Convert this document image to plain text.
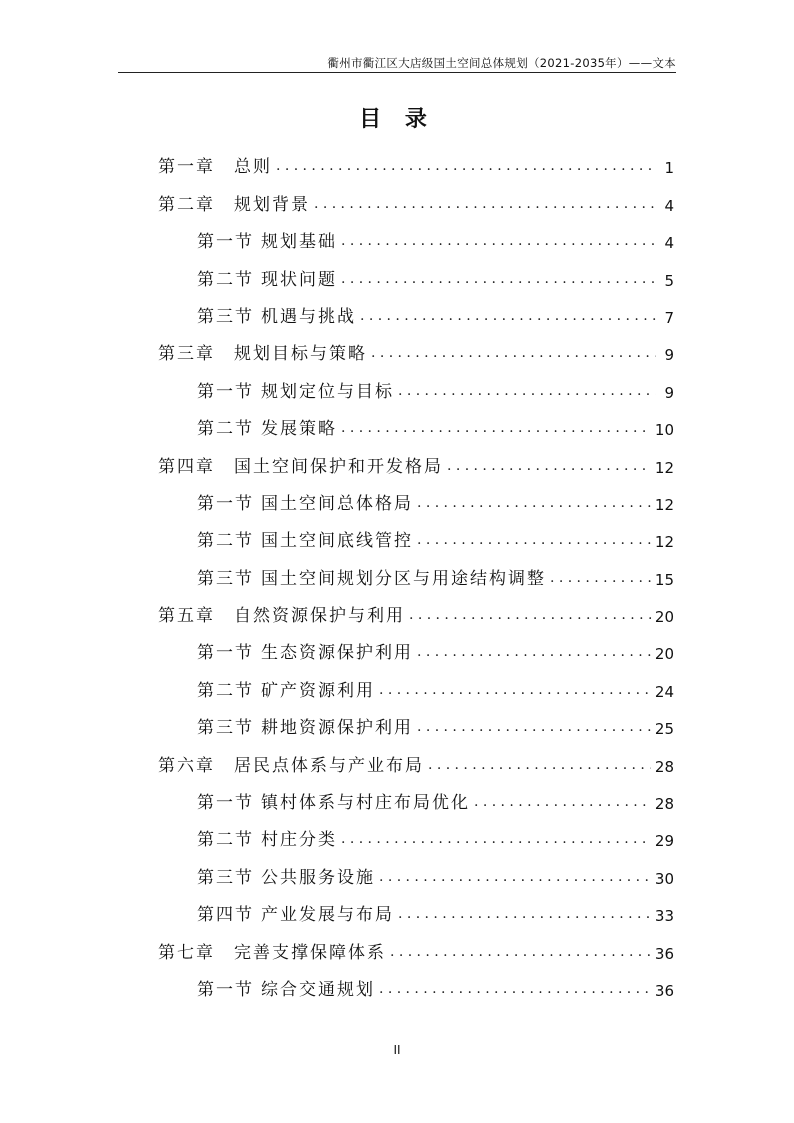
衢州市衢江区大店级国土空间总体规划（2021-2035年）——文本
目 录
第一章	总则 .....	1
第二章	规划背景 .....	4
第一节 规划基础 .....	4
第二节 现状问题 .....	5
第三节 机遇与挑战 .....	7
第三章	规划目标与策略 .....	9
第一节 规划定位与目标 .....	9
第二节 发展策略 .....	10
第四章	国土空间保护和开发格局 .....	12
第一节 国土空间总体格局 .....	12
第二节 国土空间底线管控 .....	12
第三节 国土空间规划分区与用途结构调整 .....	15
第五章	自然资源保护与利用 .....	20
第一节 生态资源保护利用 .....	20
第二节 矿产资源利用 .....	24
第三节 耕地资源保护利用 .....	25
第六章	居民点体系与产业布局 .....	28
第一节 镇村体系与村庄布局优化 .....	28
第二节 村庄分类 .....	29
第三节 公共服务设施 .....	30
第四节 产业发展与布局 .....	33
第七章	完善支撑保障体系 .....	36
第一节 综合交通规划 .....	36
II
